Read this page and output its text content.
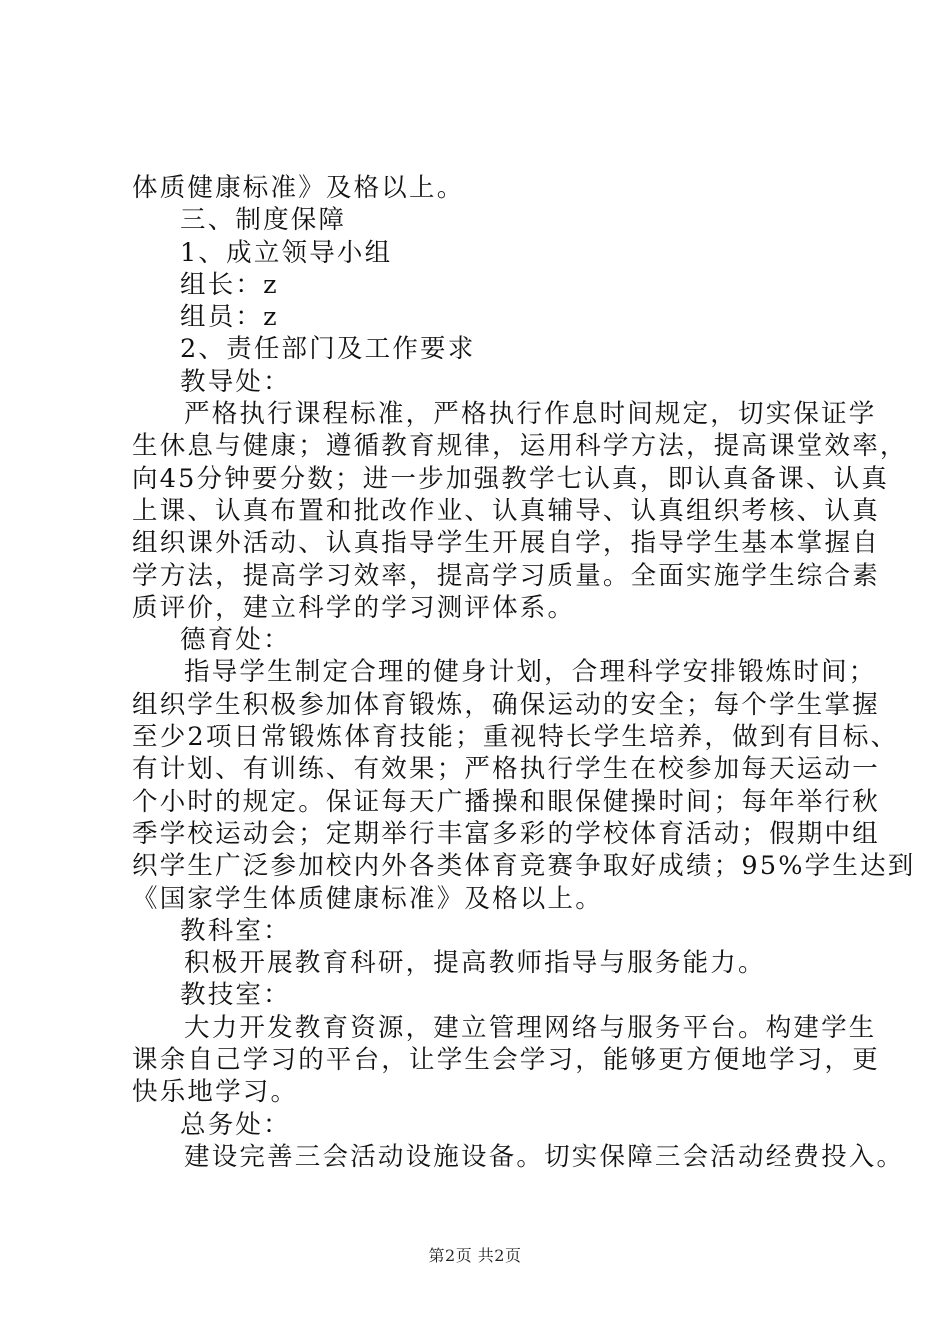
体质健康标准》及格以上。
三、制度保障
1、成立领导小组
组长：z
组员：z
2、责任部门及工作要求
教导处：
严格执行课程标准，严格执行作息时间规定，切实保证学
生休息与健康；遵循教育规律，运用科学方法，提高课堂效率，
向45分钟要分数；进一步加强教学七认真，即认真备课、认真
上课、认真布置和批改作业、认真辅导、认真组织考核、认真
组织课外活动、认真指导学生开展自学，指导学生基本掌握自
学方法，提高学习效率，提高学习质量。全面实施学生综合素
质评价，建立科学的学习测评体系。
德育处：
指导学生制定合理的健身计划，合理科学安排锻炼时间；
组织学生积极参加体育锻炼，确保运动的安全；每个学生掌握
至少2项日常锻炼体育技能；重视特长学生培养，做到有目标、
有计划、有训练、有效果；严格执行学生在校参加每天运动一
个小时的规定。保证每天广播操和眼保健操时间；每年举行秋
季学校运动会；定期举行丰富多彩的学校体育活动；假期中组
织学生广泛参加校内外各类体育竞赛争取好成绩；95%学生达到
《国家学生体质健康标准》及格以上。
教科室：
积极开展教育科研，提高教师指导与服务能力。
教技室：
大力开发教育资源，建立管理网络与服务平台。构建学生
课余自己学习的平台，让学生会学习，能够更方便地学习，更
快乐地学习。
总务处：
建设完善三会活动设施设备。切实保障三会活动经费投入。
第2页 共2页
